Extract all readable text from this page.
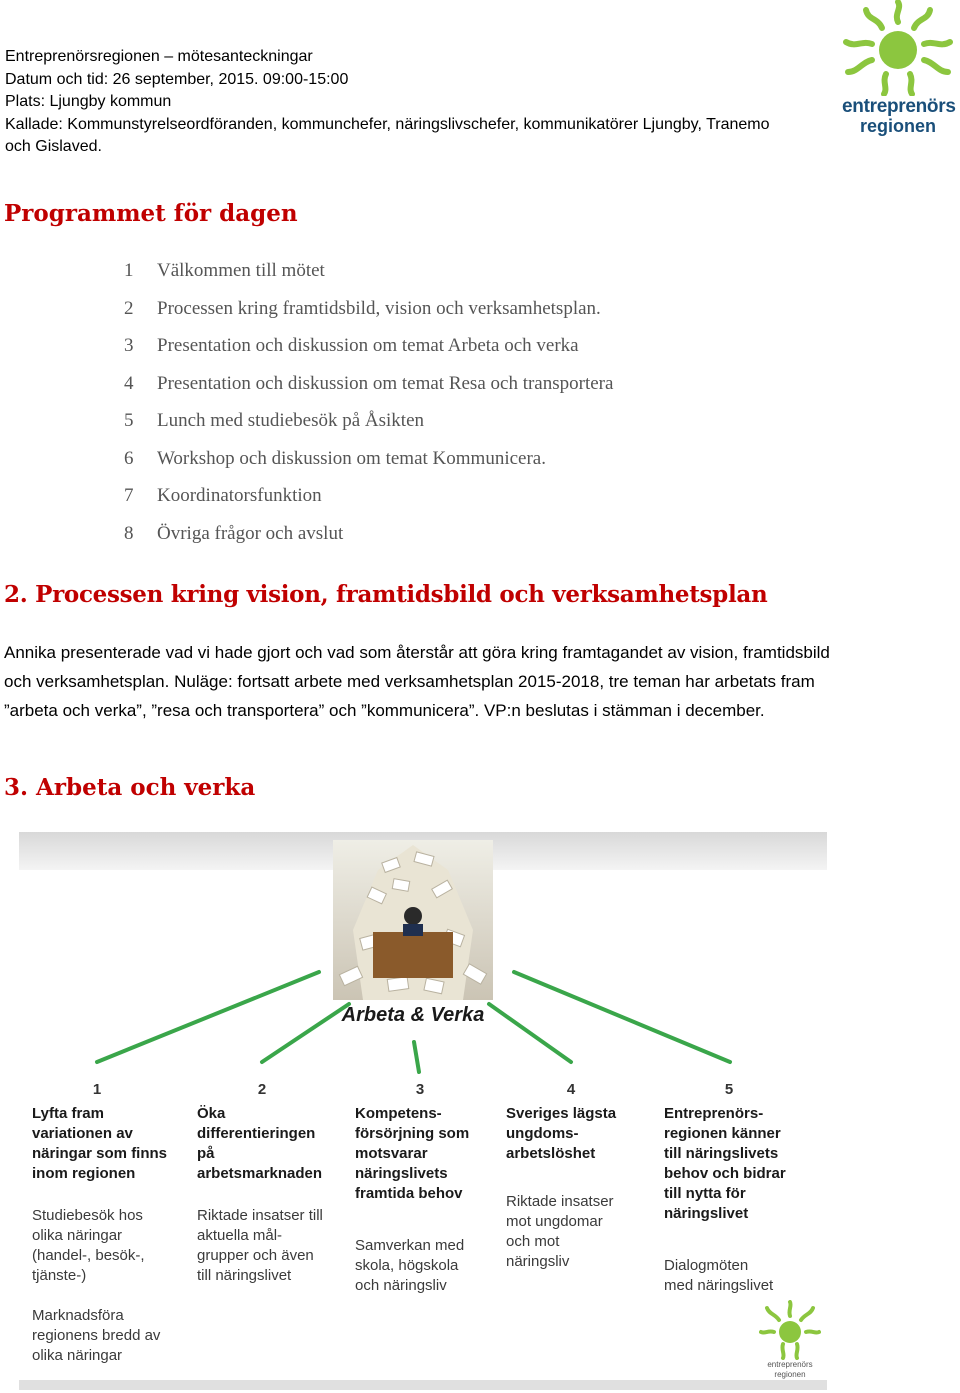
Entreprenörsregionen – mötesanteckningar
Datum och tid: 26 september, 2015. 09:00-15:00
Plats: Ljungby kommun
Kallade: Kommunstyrelseordföranden, kommunchefer, näringslivschefer, kommunikatörer Ljungby, Tranemo
och Gislaved.
entreprenörs
regionen
Programmet för dagen
1 Välkommen till mötet
2 Processen kring framtidsbild, vision och verksamhetsplan.
3 Presentation och diskussion om temat Arbeta och verka
4 Presentation och diskussion om temat Resa och transportera
5 Lunch med studiebesök på Åsikten
6 Workshop och diskussion om temat Kommunicera.
7 Koordinatorsfunktion
8 Övriga frågor och avslut
2. Processen kring vision, framtidsbild och verksamhetsplan

Annika presenterade vad vi hade gjort och vad som återstår att göra kring framtagandet av vision, framtidsbild och verksamhetsplan. Nuläge: fortsatt arbete med verksamhetsplan 2015-2018, tre teman har arbetats fram ”arbeta och verka”, ”resa och transportera” och ”kommunicera”. VP:n beslutas i stämman i december.

3. Arbeta och verka
Arbeta & Verka
1
Lyfta fram
variationen av
näringar som finns
inom regionen
Studiebesök hos
olika näringar
(handel-, besök-,
tjänste-)
Marknadsföra
regionens bredd av
olika näringar
2
Öka
differentieringen
på
arbetsmarknaden
Riktade insatser till
aktuella mål-
grupper och även
till näringslivet
3
Kompetens-
försörjning som
motsvarar
näringslivets
framtida behov
Samverkan med
skola, högskola
och näringsliv
4
Sveriges lägsta
ungdoms-
arbetslöshet
Riktade insatser
mot ungdomar
och mot
näringsliv
5
Entreprenörs-
regionen känner
till näringslivets
behov och bidrar
till nytta för
näringslivet
Dialogmöten
med näringslivet
entreprenörs
regionen
